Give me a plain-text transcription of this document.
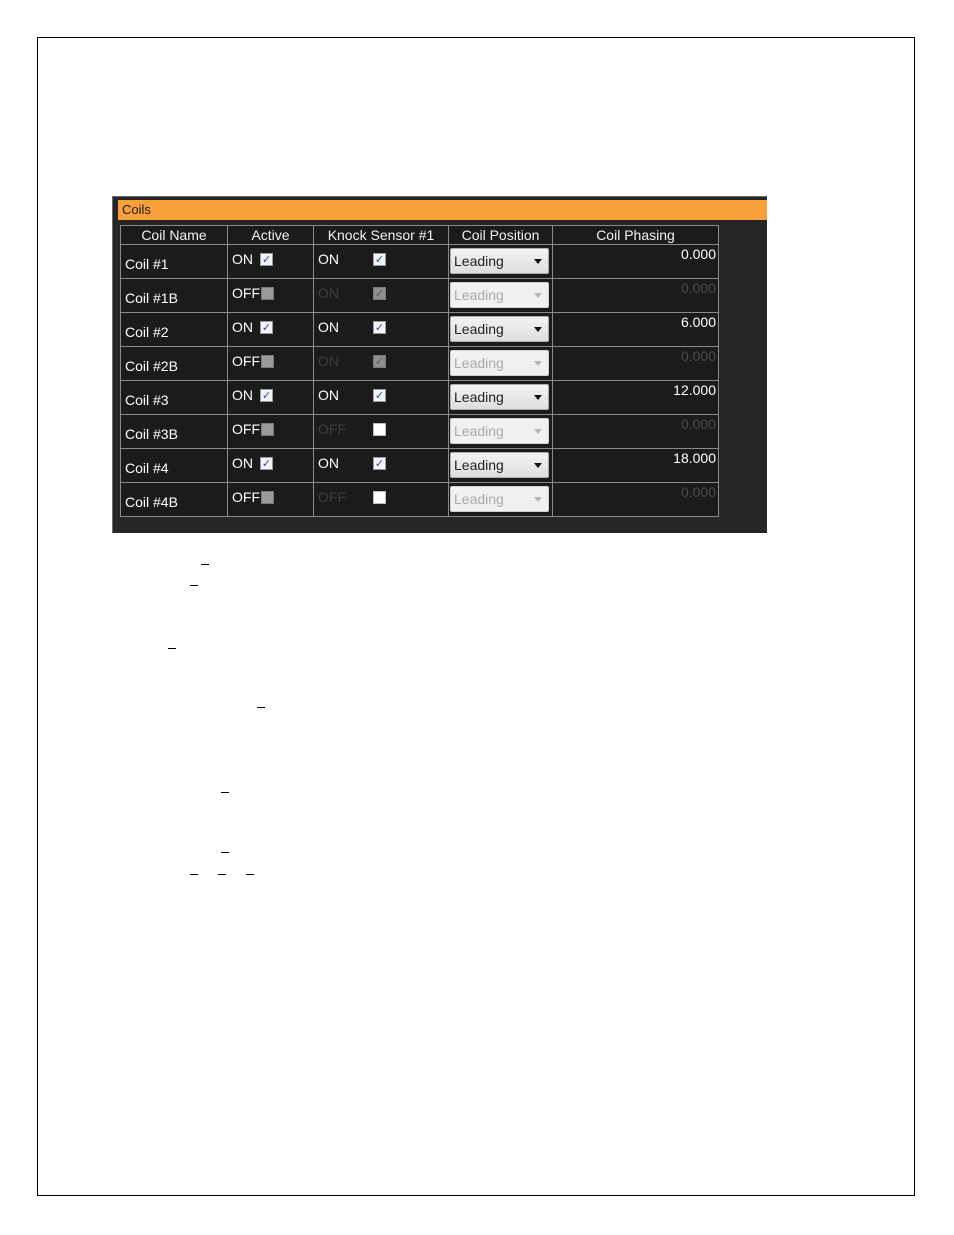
Coils
Coil Name	Active	Knock Sensor #1	Coil Position	Coil Phasing
Coil #1	ON ✓	ON ✓	Leading	0.000
Coil #1B	OFF	ON ✓	Leading	0.000
Coil #2	ON ✓	ON ✓	Leading	6.000
Coil #2B	OFF	ON ✓	Leading	0.000
Coil #3	ON ✓	ON ✓	Leading	12.000
Coil #3B	OFF	OFF	Leading	0.000
Coil #4	ON ✓	ON ✓	Leading	18.000
Coil #4B	OFF	OFF	Leading	0.000
